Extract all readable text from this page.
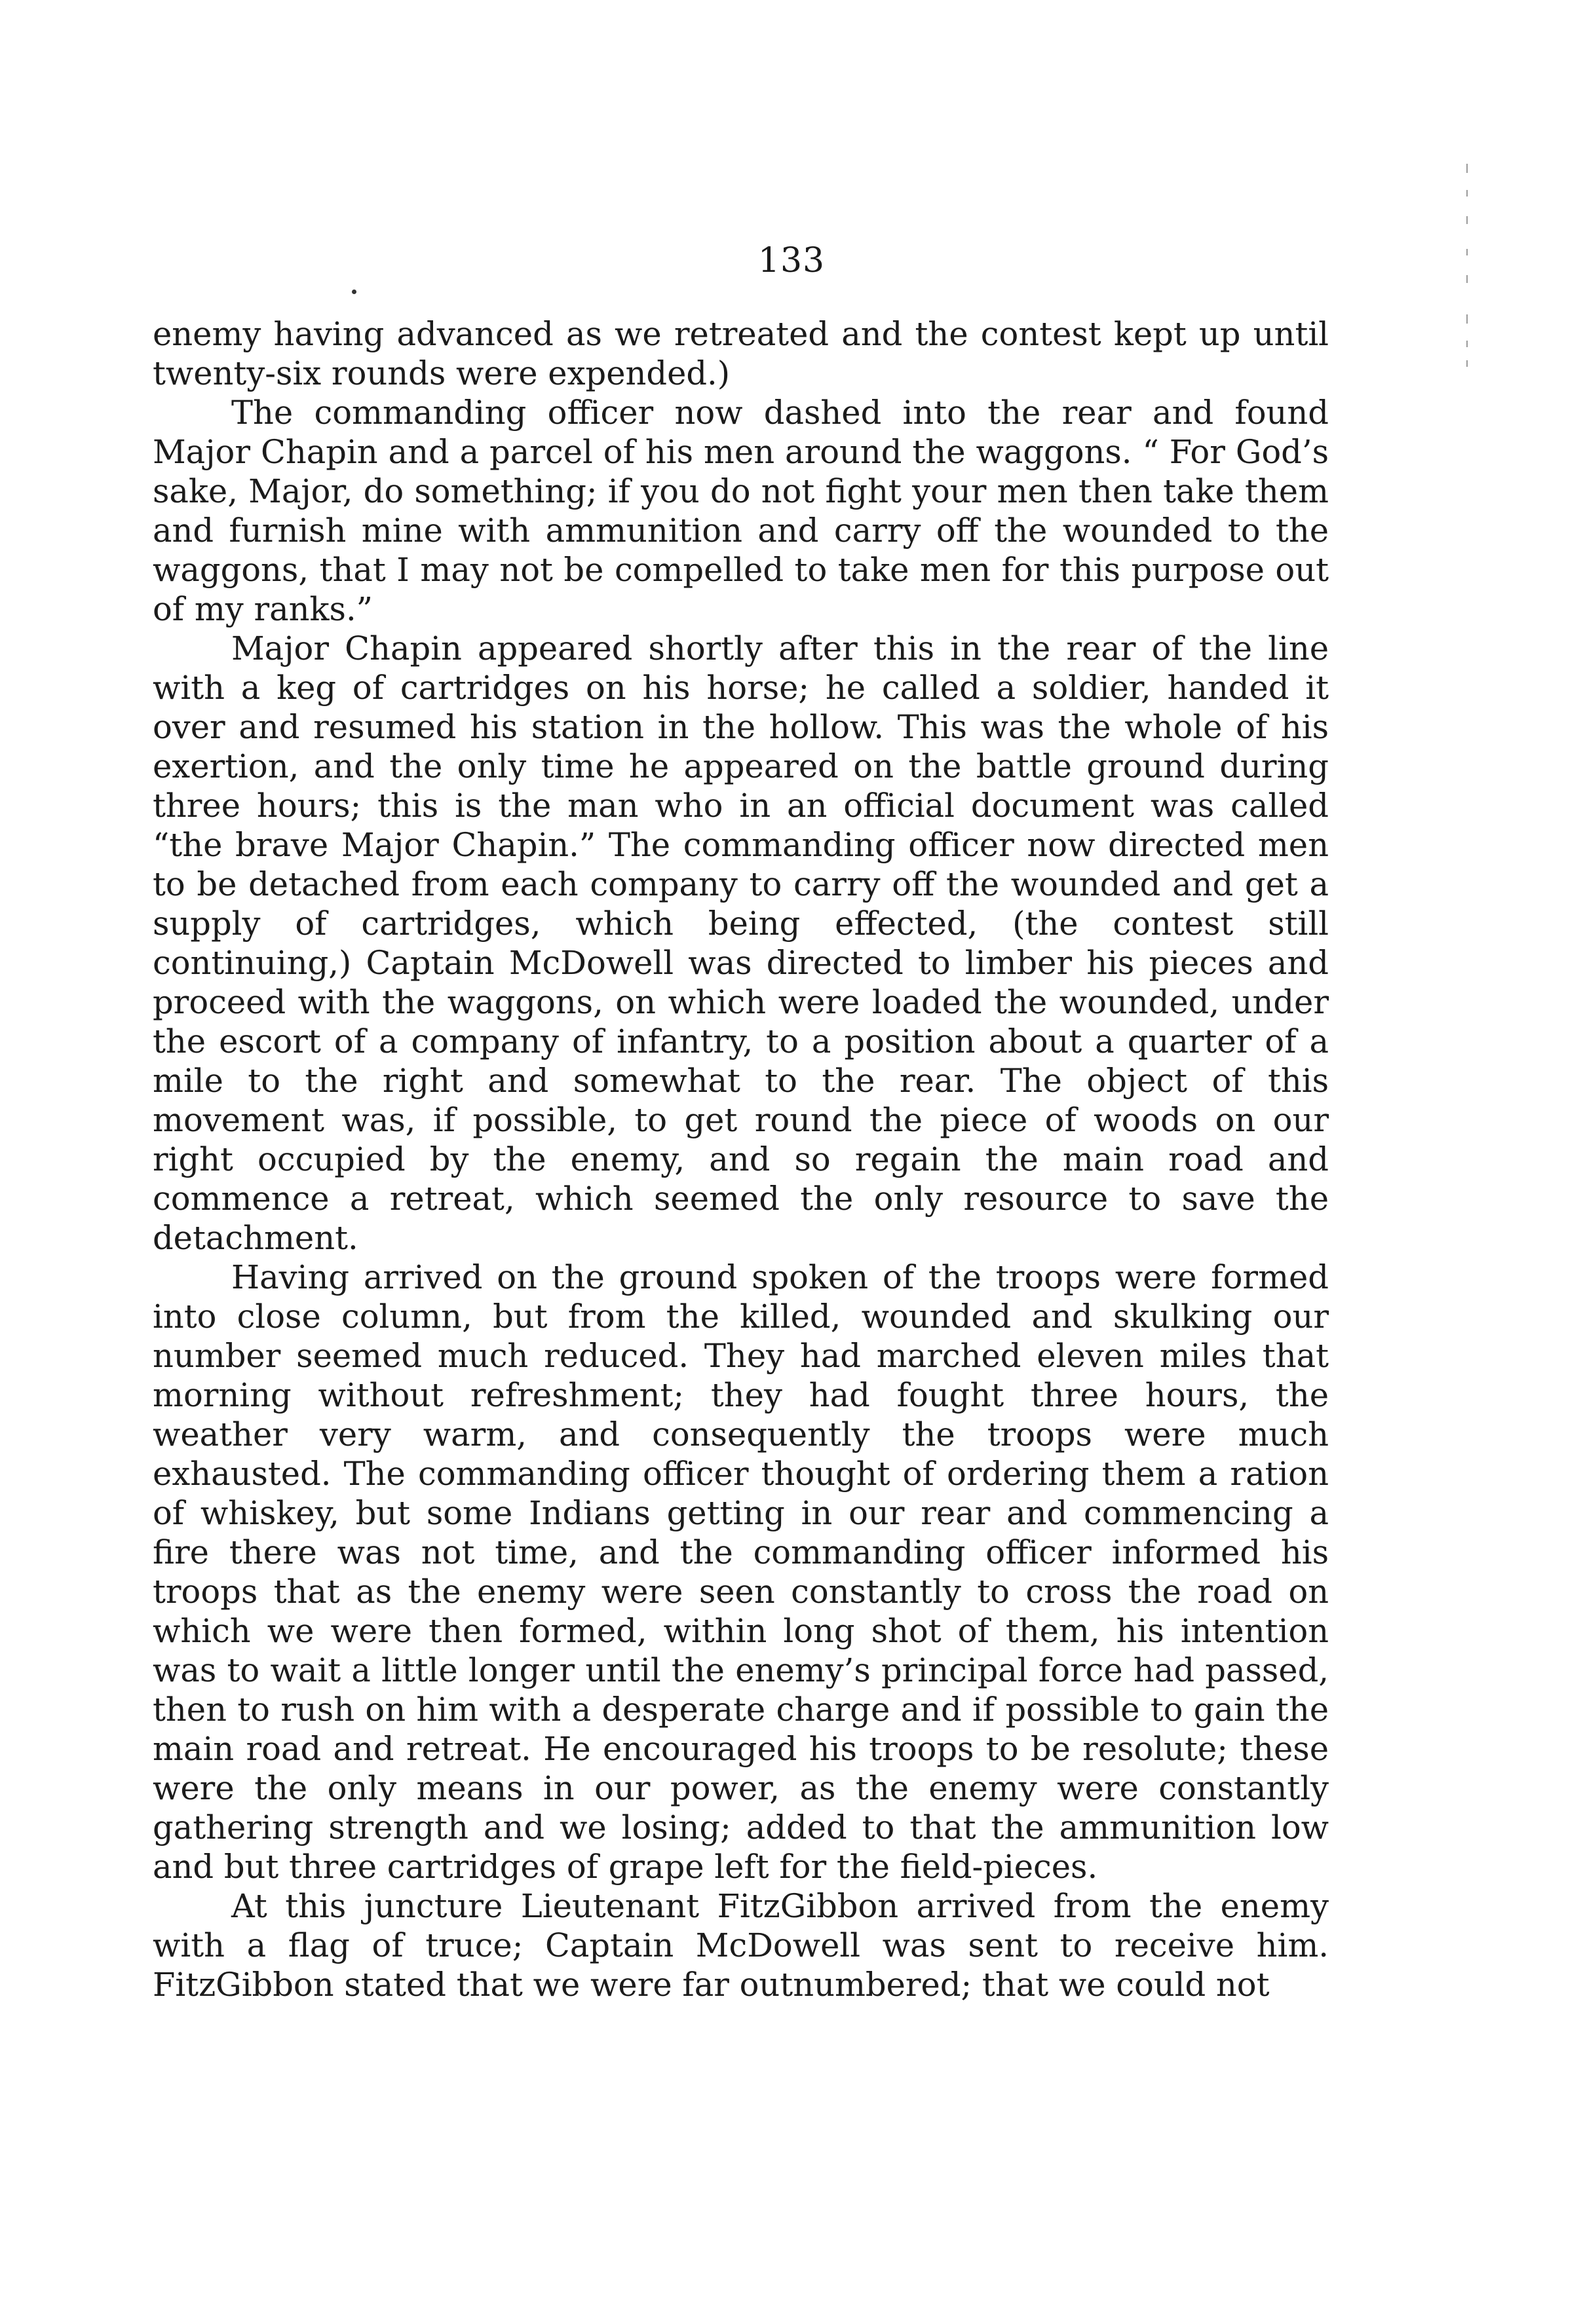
133

enemy having advanced as we retreated and the contest kept up until twenty-six rounds were expended.)

The commanding officer now dashed into the rear and found Major Chapin and a parcel of his men around the waggons. “ For God’s sake, Major, do something; if you do not fight your men then take them and furnish mine with ammunition and carry off the wounded to the waggons, that I may not be compelled to take men for this purpose out of my ranks.”

Major Chapin appeared shortly after this in the rear of the line with a keg of cartridges on his horse; he called a soldier, handed it over and resumed his station in the hollow. This was the whole of his exertion, and the only time he appeared on the battle ground during three hours; this is the man who in an official document was called “the brave Major Chapin.” The commanding officer now directed men to be detached from each company to carry off the wounded and get a supply of cartridges, which being effected, (the contest still continuing,) Captain McDowell was directed to limber his pieces and proceed with the waggons, on which were loaded the wounded, under the escort of a company of infantry, to a position about a quarter of a mile to the right and somewhat to the rear. The object of this movement was, if possible, to get round the piece of woods on our right occupied by the enemy, and so regain the main road and commence a retreat, which seemed the only resource to save the detachment.

Having arrived on the ground spoken of the troops were formed into close column, but from the killed, wounded and skulking our number seemed much reduced. They had marched eleven miles that morning without refreshment; they had fought three hours, the weather very warm, and consequently the troops were much exhausted. The commanding officer thought of ordering them a ration of whiskey, but some Indians getting in our rear and commencing a fire there was not time, and the commanding officer informed his troops that as the enemy were seen constantly to cross the road on which we were then formed, within long shot of them, his intention was to wait a little longer until the enemy’s principal force had passed, then to rush on him with a desperate charge and if possible to gain the main road and retreat. He encouraged his troops to be resolute; these were the only means in our power, as the enemy were constantly gathering strength and we losing; added to that the ammunition low and but three cartridges of grape left for the field-pieces.

At this juncture Lieutenant FitzGibbon arrived from the enemy with a flag of truce; Captain McDowell was sent to receive him. FitzGibbon stated that we were far outnumbered; that we could not
